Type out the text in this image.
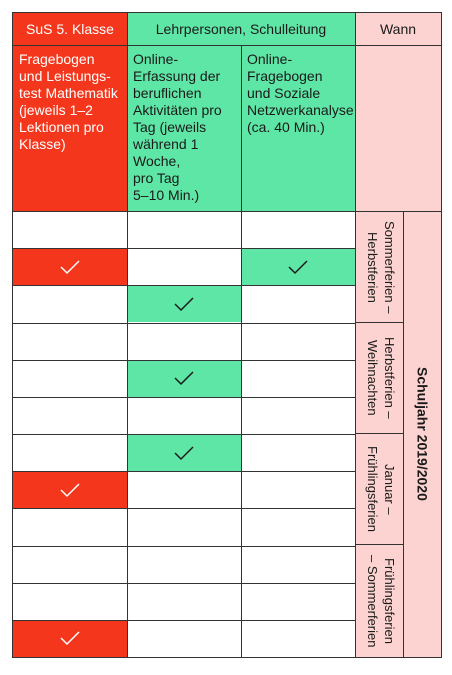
SuS 5. Klasse	Lehrpersonen, Schulleitung	Wann
Fragebogen
und Leistungs-
test Mathematik
(jeweils 1–2
Lektionen pro
Klasse)
Online-
Erfassung der
beruflichen
Aktivitäten pro
Tag (jeweils
während 1 Woche,
pro Tag
5–10 Min.)
Online-
Fragebogen
und Soziale
Netzwerkanalyse
(ca. 40 Min.)
Sommerferien –
Herbstferien
Herbstferien –
Weihnachten
Januar –
Frühlingsferien
Frühlingsferien
– Sommerferien
Schuljahr 2019/2020
